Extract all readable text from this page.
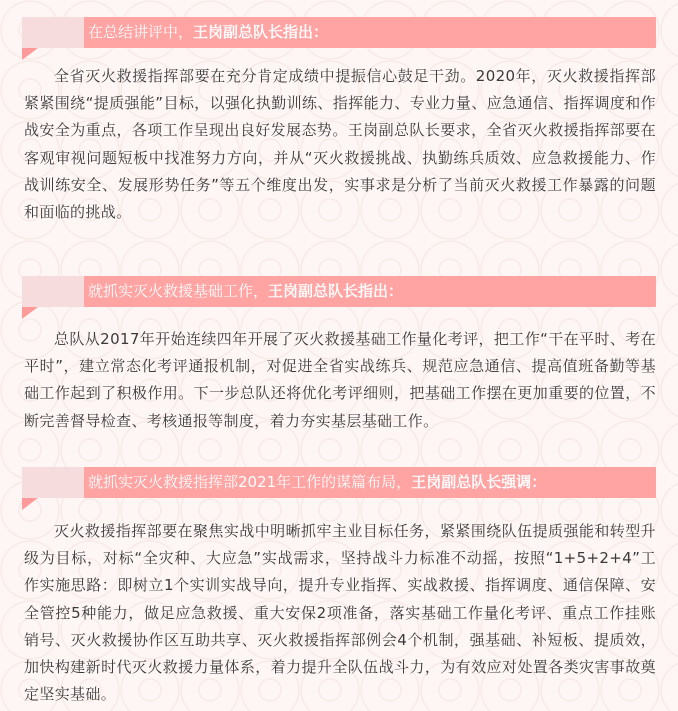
在总结讲评中，王岗副总队长指出：

全省灭火救援指挥部要在充分肯定成绩中提振信心鼓足干劲。2020年，灭火救援指挥部紧紧围绕“提质强能”目标，以强化执勤训练、指挥能力、专业力量、应急通信、指挥调度和作战安全为重点，各项工作呈现出良好发展态势。王岗副总队长要求，全省灭火救援指挥部要在客观审视问题短板中找准努力方向，并从“灭火救援挑战、执勤练兵质效、应急救援能力、作战训练安全、发展形势任务”等五个维度出发，实事求是分析了当前灭火救援工作暴露的问题和面临的挑战。

就抓实灭火救援基础工作，王岗副总队长指出：

总队从2017年开始连续四年开展了灭火救援基础工作量化考评，把工作“干在平时、考在平时”，建立常态化考评通报机制，对促进全省实战练兵、规范应急通信、提高值班备勤等基础工作起到了积极作用。下一步总队还将优化考评细则，把基础工作摆在更加重要的位置，不断完善督导检查、考核通报等制度，着力夯实基层基础工作。

就抓实灭火救援指挥部2021年工作的谋篇布局，王岗副总队长强调：

灭火救援指挥部要在聚焦实战中明晰抓牢主业目标任务，紧紧围绕队伍提质强能和转型升级为目标，对标“全灾种、大应急”实战需求，坚持战斗力标准不动摇，按照“1+5+2+4”工作实施思路：即树立1个实训实战导向，提升专业指挥、实战救援、指挥调度、通信保障、安全管控5种能力，做足应急救援、重大安保2项准备，落实基础工作量化考评、重点工作挂账销号、灭火救援协作区互助共享、灭火救援指挥部例会4个机制，强基础、补短板、提质效，加快构建新时代灭火救援力量体系，着力提升全队伍战斗力，为有效应对处置各类灾害事故奠定坚实基础。
